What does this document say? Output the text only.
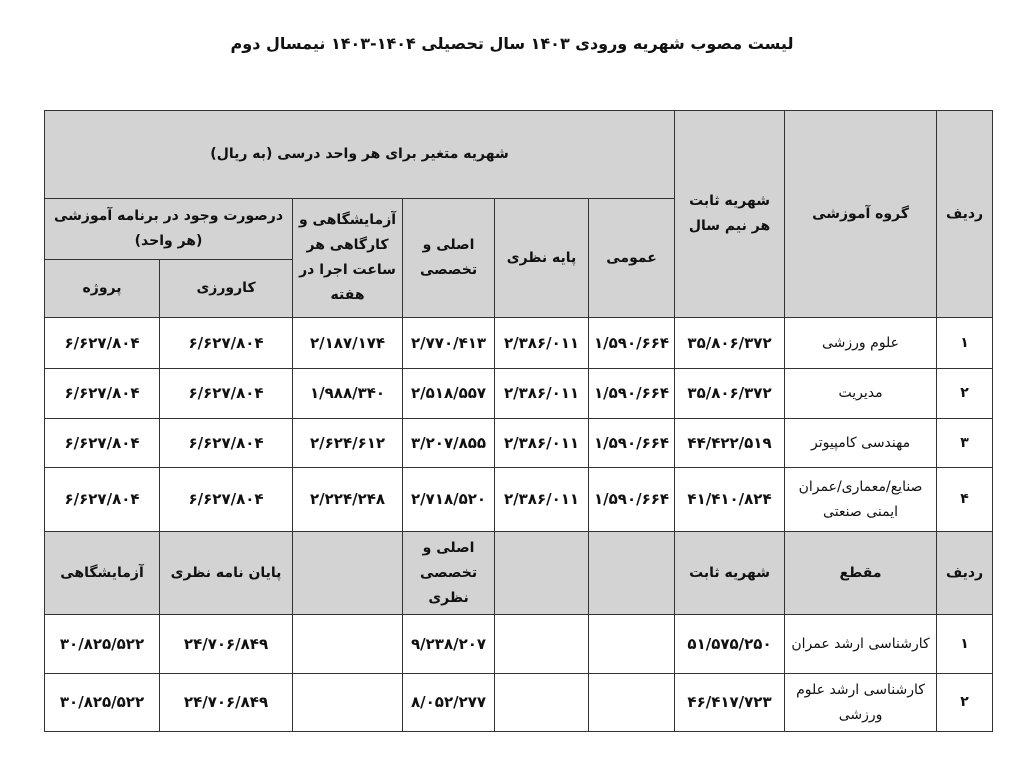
لیست مصوب شهریه ورودی ۱۴۰۳ سال تحصیلی ۱۴۰۴-۱۴۰۳ نیمسال دوم
ردیف	گروه آموزشی	شهریه ثابت هر نیم سال	شهریه متغیر برای هر واحد درسی (به ریال)					
			عمومی	پایه نظری	اصلی و تخصصی	آزمایشگاهی و کارگاهی هر ساعت اجرا در هفته	درصورت وجود در برنامه آموزشی (هر واحد)	
							کارورزی	پروژه
۱	علوم ورزشی	۳۵/۸۰۶/۳۷۲	۱/۵۹۰/۶۶۴	۲/۳۸۶/۰۱۱	۲/۷۷۰/۴۱۳	۲/۱۸۷/۱۷۴	۶/۶۲۷/۸۰۴	۶/۶۲۷/۸۰۴
۲	مدیریت	۳۵/۸۰۶/۳۷۲	۱/۵۹۰/۶۶۴	۲/۳۸۶/۰۱۱	۲/۵۱۸/۵۵۷	۱/۹۸۸/۳۴۰	۶/۶۲۷/۸۰۴	۶/۶۲۷/۸۰۴
۳	مهندسی کامپیوتر	۴۴/۴۲۲/۵۱۹	۱/۵۹۰/۶۶۴	۲/۳۸۶/۰۱۱	۳/۲۰۷/۸۵۵	۲/۶۲۴/۶۱۲	۶/۶۲۷/۸۰۴	۶/۶۲۷/۸۰۴
۴	صنایع/معماری/عمران ایمنی صنعتی	۴۱/۴۱۰/۸۲۴	۱/۵۹۰/۶۶۴	۲/۳۸۶/۰۱۱	۲/۷۱۸/۵۲۰	۲/۲۲۴/۲۴۸	۶/۶۲۷/۸۰۴	۶/۶۲۷/۸۰۴
ردیف	مقطع	شهریه ثابت			اصلی و تخصصی نظری		پایان نامه نظری	آزمایشگاهی
۱	کارشناسی ارشد عمران	۵۱/۵۷۵/۲۵۰			۹/۲۳۸/۲۰۷		۲۴/۷۰۶/۸۴۹	۳۰/۸۲۵/۵۲۲
۲	کارشناسی ارشد علوم ورزشی	۴۶/۴۱۷/۷۲۳			۸/۰۵۲/۲۷۷		۲۴/۷۰۶/۸۴۹	۳۰/۸۲۵/۵۲۲
